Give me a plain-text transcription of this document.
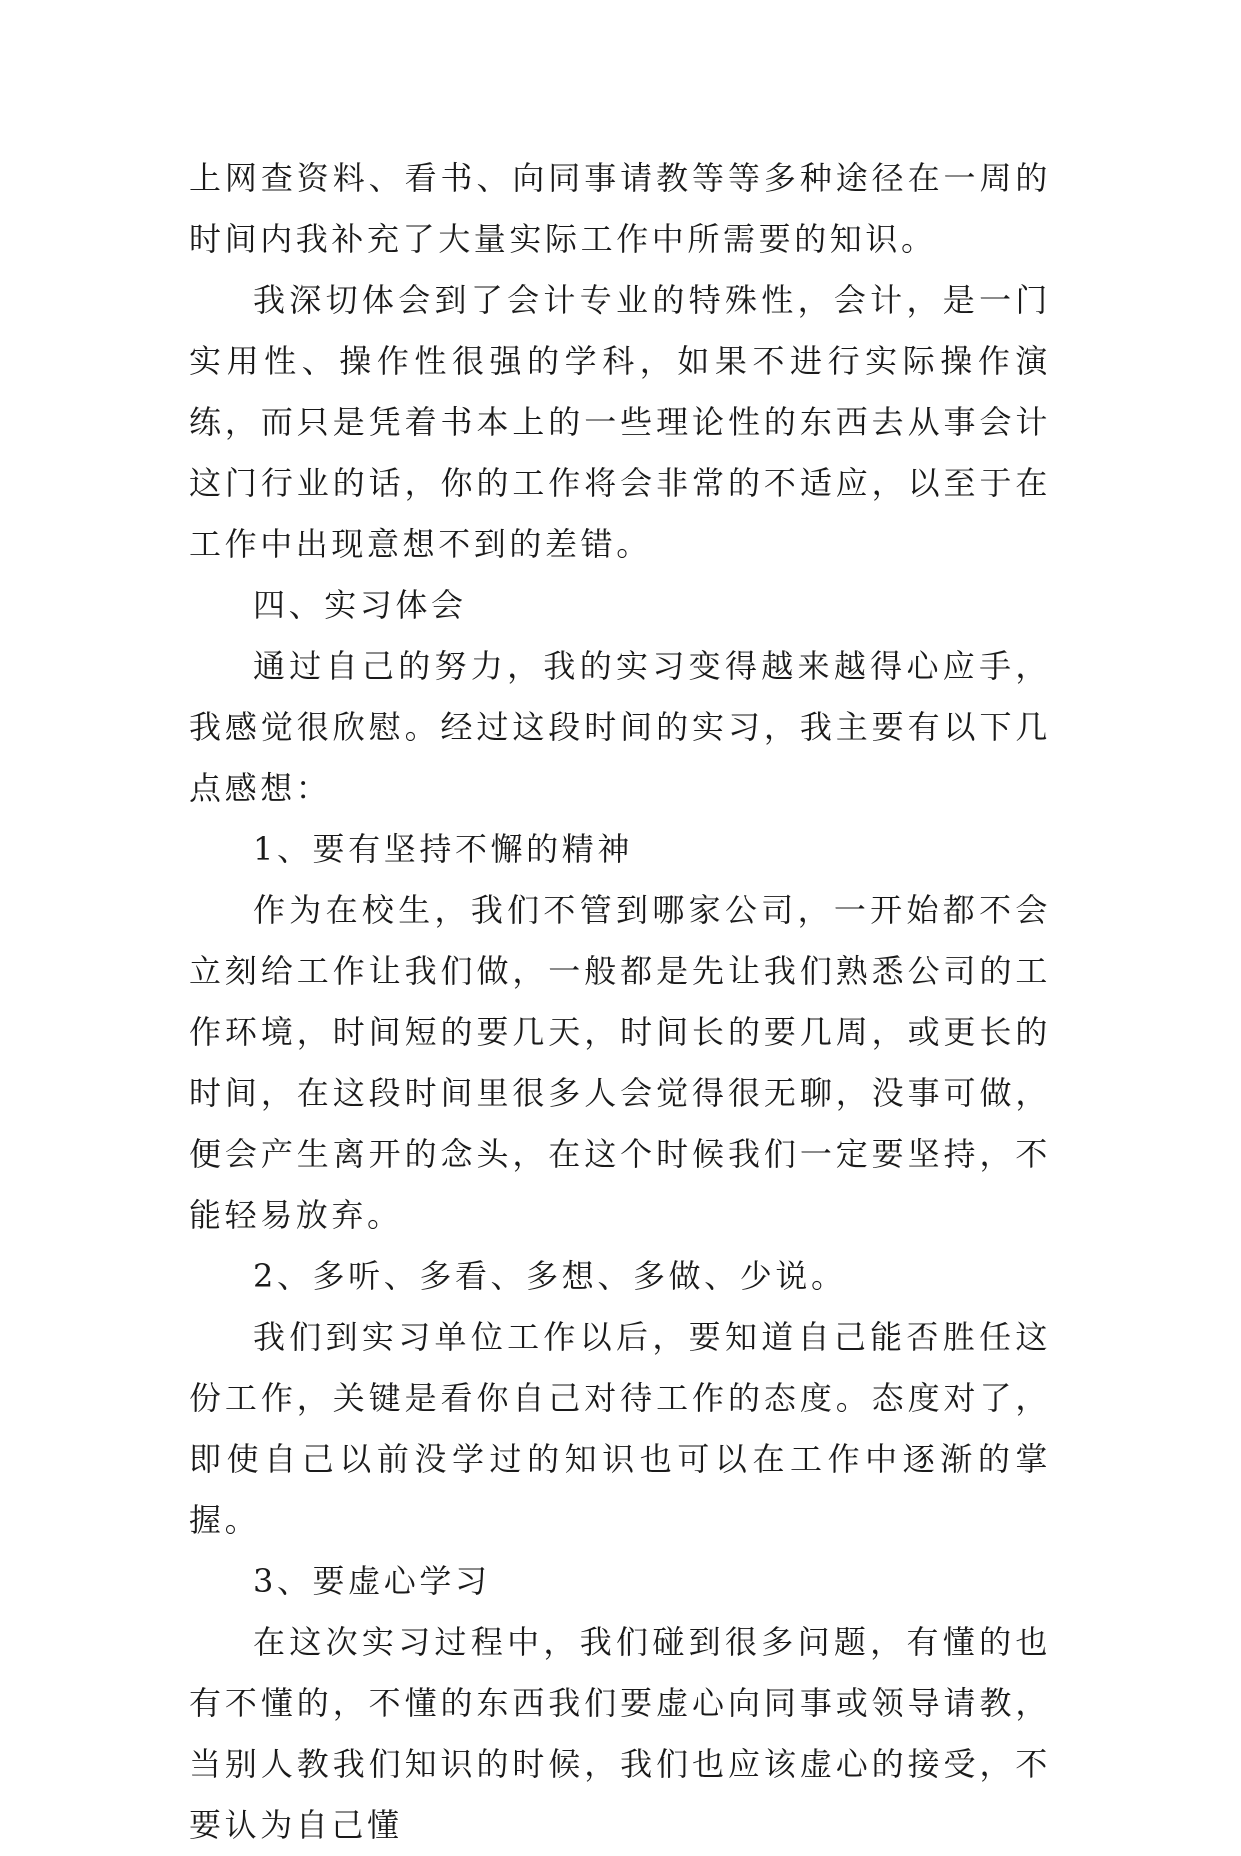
上网查资料、看书、向同事请教等等多种途径在一周的时间内我补充了大量实际工作中所需要的知识。

我深切体会到了会计专业的特殊性，会计，是一门实用性、操作性很强的学科，如果不进行实际操作演练，而只是凭着书本上的一些理论性的东西去从事会计这门行业的话，你的工作将会非常的不适应，以至于在工作中出现意想不到的差错。

四、实习体会

通过自己的努力，我的实习变得越来越得心应手，我感觉很欣慰。经过这段时间的实习，我主要有以下几点感想：

1、要有坚持不懈的精神

作为在校生，我们不管到哪家公司，一开始都不会立刻给工作让我们做，一般都是先让我们熟悉公司的工作环境，时间短的要几天，时间长的要几周，或更长的时间，在这段时间里很多人会觉得很无聊，没事可做，便会产生离开的念头，在这个时候我们一定要坚持，不能轻易放弃。

2、多听、多看、多想、多做、少说。

我们到实习单位工作以后，要知道自己能否胜任这份工作，关键是看你自己对待工作的态度。态度对了，即使自己以前没学过的知识也可以在工作中逐渐的掌握。

3、要虚心学习

在这次实习过程中，我们碰到很多问题，有懂的也有不懂的，不懂的东西我们要虚心向同事或领导请教，当别人教我们知识的时候，我们也应该虚心的接受，不要认为自己懂
